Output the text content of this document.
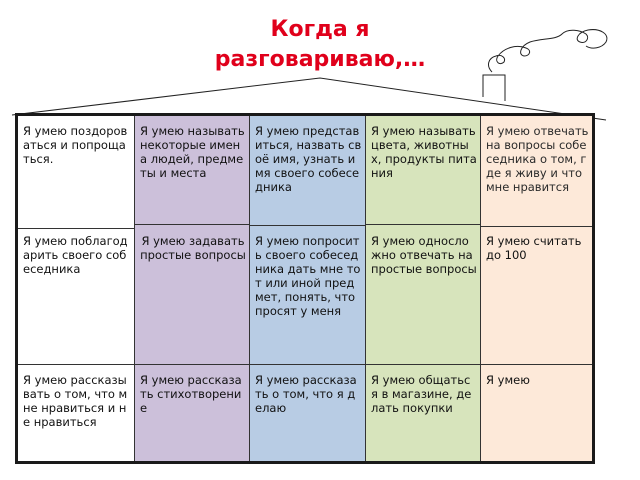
Когда я
разговариваю,…
Я умею поздороваться и попрощаться.
Я умею поблагодарить своего собеседника
Я умею рассказывать о том, что мне нравиться и не нравиться
Я умею называть некоторые имена людей, предметы и места
Я умею задавать простые вопросы
Я умею рассказать стихотворение
Я умею представиться, назвать своё имя, узнать имя своего собеседника
Я умею попросить своего собеседника дать мне тот или иной предмет, понять, что просят у меня
Я умею рассказать о том, что я делаю
Я умею называть цвета, животных, продукты питания
Я умею односложно отвечать на простые вопросы
Я умею общаться в магазине, делать покупки
Я умею отвечать на вопросы собеседника о том, где я живу и что мне нравится
Я умею считать до 100
Я умею
